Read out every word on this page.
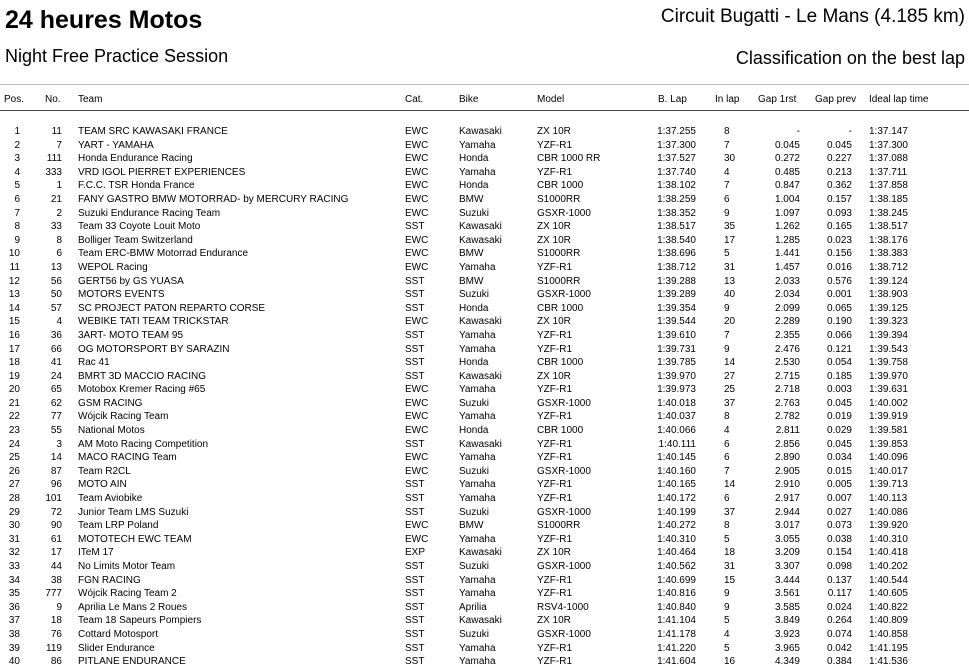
24 heures Motos
Night Free Practice Session
Circuit Bugatti - Le Mans (4.185 km)
Classification on the best lap
Pos. No. Team	Cat.	Bike	Model	B. Lap	In lap Gap 1rst Gap prev Ideal lap time
1	11 TEAM SRC KAWASAKI FRANCE	EWC	Kawasaki	ZX 10R	1:37.255	8	-	- 1:37.147
2	7 YART - YAMAHA	EWC	Yamaha	YZF-R1	1:37.300	7	0.045	0.045 1:37.300
3	111 Honda Endurance Racing	EWC	Honda	CBR 1000 RR	1:37.527	30	0.272	0.227 1:37.088
4	333 VRD IGOL PIERRET EXPERIENCES	EWC	Yamaha	YZF-R1	1:37.740	4	0.485	0.213 1:37.711
5	1 F.C.C. TSR Honda France	EWC	Honda	CBR 1000	1:38.102	7	0.847	0.362 1:37.858
6	21 FANY GASTRO BMW MOTORRAD- by MERCURY RACING	EWC	BMW	S1000RR	1:38.259	6	1.004	0.157 1:38.185
7	2 Suzuki Endurance Racing Team	EWC	Suzuki	GSXR-1000	1:38.352	9	1.097	0.093 1:38.245
8	33 Team 33 Coyote Louit Moto	SST	Kawasaki	ZX 10R	1:38.517	35	1.262	0.165 1:38.517
9	8 Bolliger Team Switzerland	EWC	Kawasaki	ZX 10R	1:38.540	17	1.285	0.023 1:38.176
10	6 Team ERC-BMW Motorrad Endurance	EWC	BMW	S1000RR	1:38.696	5	1.441	0.156 1:38.383
11	13 WEPOL Racing	EWC	Yamaha	YZF-R1	1:38.712	31	1.457	0.016 1:38.712
12	56 GERT56 by GS YUASA	SST	BMW	S1000RR	1:39.288	13	2.033	0.576 1:39.124
13	50 MOTORS EVENTS	SST	Suzuki	GSXR-1000	1:39.289	40	2.034	0.001 1:38.903
14	57 SC PROJECT PATON REPARTO CORSE	SST	Honda	CBR 1000	1:39.354	9	2.099	0.065 1:39.125
15	4 WEBIKE TATI TEAM TRICKSTAR	EWC	Kawasaki	ZX 10R	1:39.544	20	2.289	0.190 1:39.323
16	36 3ART- MOTO TEAM 95	SST	Yamaha	YZF-R1	1:39.610	7	2.355	0.066 1:39.394
17	66 OG MOTORSPORT BY SARAZIN	SST	Yamaha	YZF-R1	1:39.731	9	2.476	0.121 1:39.543
18	41 Rac 41	SST	Honda	CBR 1000	1:39.785	14	2.530	0.054 1:39.758
19	24 BMRT 3D MACCIO RACING	SST	Kawasaki	ZX 10R	1:39.970	27	2.715	0.185 1:39.970
20	65 Motobox Kremer Racing #65	EWC	Yamaha	YZF-R1	1:39.973	25	2.718	0.003 1:39.631
21	62 GSM RACING	EWC	Suzuki	GSXR-1000	1:40.018	37	2.763	0.045 1:40.002
22	77 Wójcik Racing Team	EWC	Yamaha	YZF-R1	1:40.037	8	2.782	0.019 1:39.919
23	55 National Motos	EWC	Honda	CBR 1000	1:40.066	4	2.811	0.029 1:39.581
24	3 AM Moto Racing Competition	SST	Kawasaki	YZF-R1	1:40.111	6	2.856	0.045 1:39.853
25	14 MACO RACING Team	EWC	Yamaha	YZF-R1	1:40.145	6	2.890	0.034 1:40.096
26	87 Team R2CL	EWC	Suzuki	GSXR-1000	1:40.160	7	2.905	0.015 1:40.017
27	96 MOTO AIN	SST	Yamaha	YZF-R1	1:40.165	14	2.910	0.005 1:39.713
28	101 Team Aviobike	SST	Yamaha	YZF-R1	1:40.172	6	2.917	0.007 1:40.113
29	72 Junior Team LMS Suzuki	SST	Suzuki	GSXR-1000	1:40.199	37	2.944	0.027 1:40.086
30	90 Team LRP Poland	EWC	BMW	S1000RR	1:40.272	8	3.017	0.073 1:39.920
31	61 MOTOTECH EWC TEAM	EWC	Yamaha	YZF-R1	1:40.310	5	3.055	0.038 1:40.310
32	17 ITeM 17	EXP	Kawasaki	ZX 10R	1:40.464	18	3.209	0.154 1:40.418
33	44 No Limits Motor Team	SST	Suzuki	GSXR-1000	1:40.562	31	3.307	0.098 1:40.202
34	38 FGN RACING	SST	Yamaha	YZF-R1	1:40.699	15	3.444	0.137 1:40.544
35	777 Wójcik Racing Team 2	SST	Yamaha	YZF-R1	1:40.816	9	3.561	0.117 1:40.605
36	9 Aprilia Le Mans 2 Roues	SST	Aprilia	RSV4-1000	1:40.840	9	3.585	0.024 1:40.822
37	18 Team 18 Sapeurs Pompiers	SST	Kawasaki	ZX 10R	1:41.104	5	3.849	0.264 1:40.809
38	76 Cottard Motosport	SST	Suzuki	GSXR-1000	1:41.178	4	3.923	0.074 1:40.858
39	119 Slider Endurance	SST	Yamaha	YZF-R1	1:41.220	5	3.965	0.042 1:41.195
40	86 PITLANE ENDURANCE	SST	Yamaha	YZF-R1	1:41.604	16	4.349	0.384 1:41.536
